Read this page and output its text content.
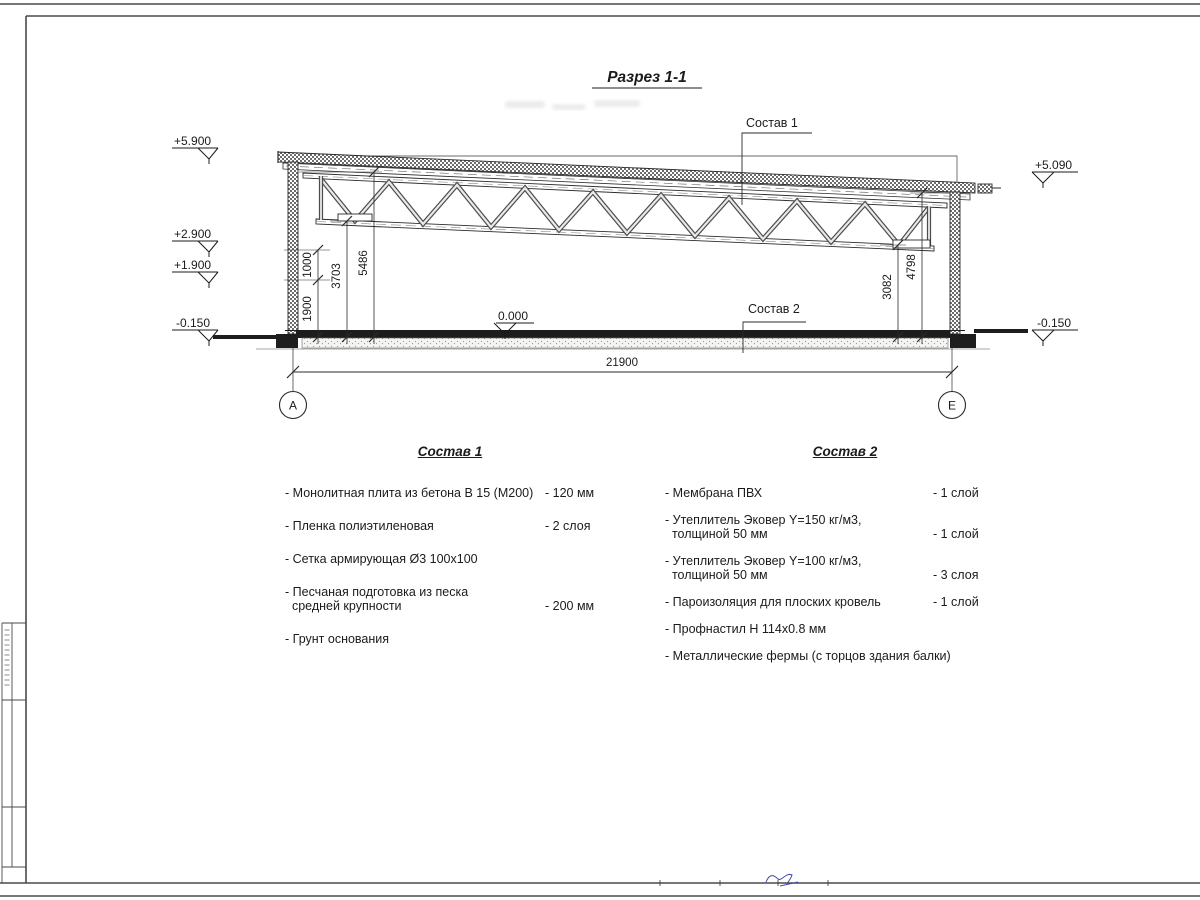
Разрез 1-1
Состав 1
Состав 2
+5.900
+2.900
+1.900
-0.150
+5.090
-0.150
0.000
1000
1900
3703
5486
3082
4798
21900
A	E
Состав 1	Состав 2
- Монолитная плита из бетона В 15 (М200) - 120 мм
- Пленка полиэтиленовая	- 2 слоя
- Сетка армирующая Ø3 100х100
- Песчаная подготовка из песка
средней крупности	- 200 мм
- Грунт основания
- Мембрана ПВХ	- 1 слой
- Утеплитель Эковер Y=150 кг/м3,
толщиной 50 мм	- 1 слой
- Утеплитель Эковер Y=100 кг/м3,
толщиной 50 мм	- 3 слоя
- Пароизоляция для плоских кровель	- 1 слой
- Профнастил Н 114х0.8 мм
- Металлические фермы (с торцов здания балки)
